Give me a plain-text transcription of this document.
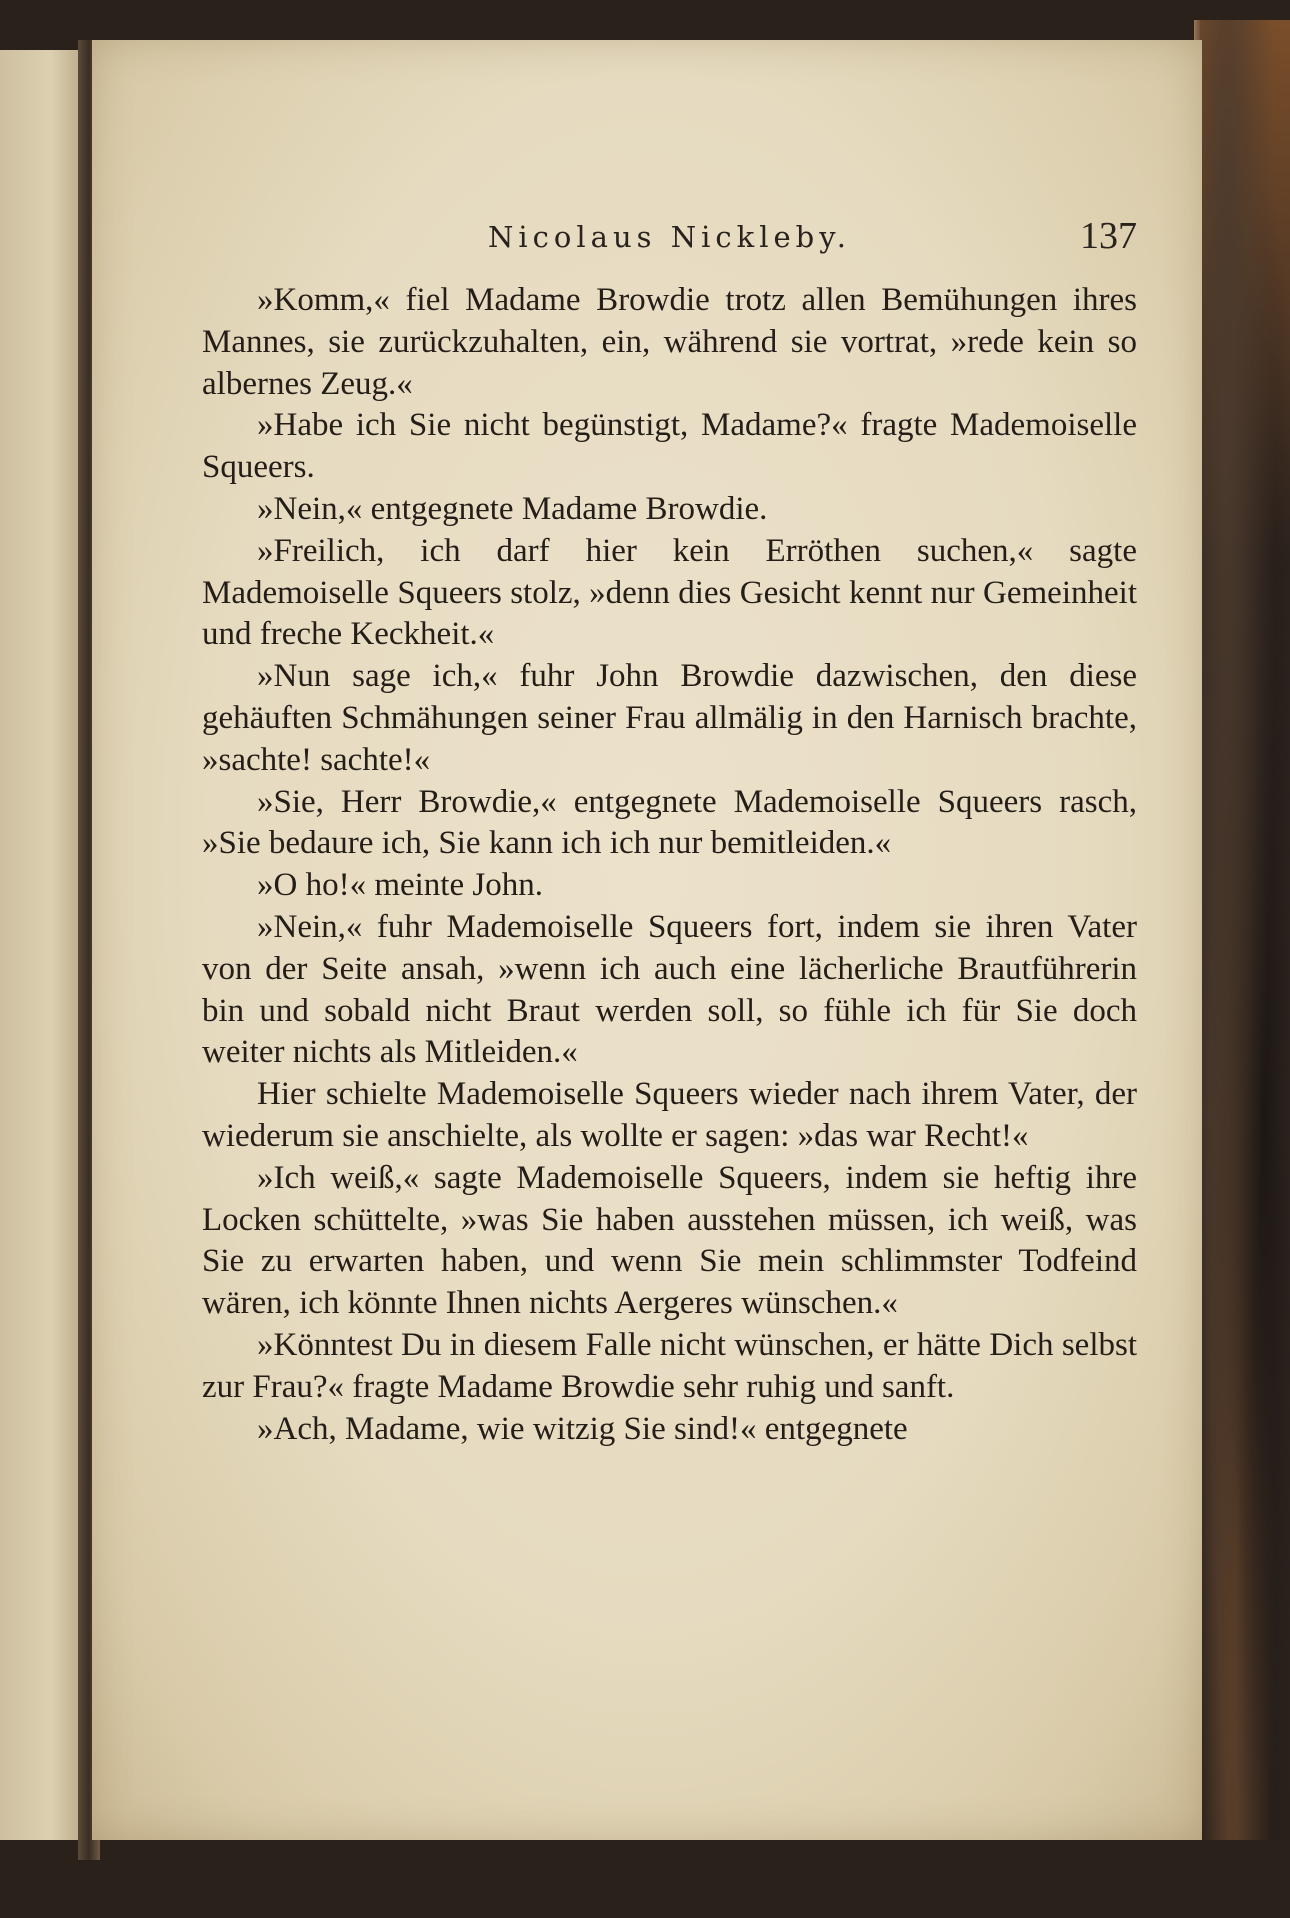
Nicolaus Nickleby.	137

»Komm,« fiel Madame Browdie trotz allen Bemühungen ihres Mannes, sie zurückzuhalten, ein, während sie vortrat, »rede kein so albernes Zeug.«

»Habe ich Sie nicht begünstigt, Madame?« fragte Mademoiselle Squeers.

»Nein,« entgegnete Madame Browdie.

»Freilich, ich darf hier kein Erröthen suchen,« sagte Mademoiselle Squeers stolz, »denn dies Gesicht kennt nur Gemeinheit und freche Keckheit.«

»Nun sage ich,« fuhr John Browdie dazwischen, den diese gehäuften Schmähungen seiner Frau allmälig in den Harnisch brachte, »sachte! sachte!«

»Sie, Herr Browdie,« entgegnete Mademoiselle Squeers rasch, »Sie bedaure ich, Sie kann ich ich nur bemitleiden.«

»O ho!« meinte John.

»Nein,« fuhr Mademoiselle Squeers fort, indem sie ihren Vater von der Seite ansah, »wenn ich auch eine lächerliche Brautführerin bin und sobald nicht Braut werden soll, so fühle ich für Sie doch weiter nichts als Mitleiden.«

Hier schielte Mademoiselle Squeers wieder nach ihrem Vater, der wiederum sie anschielte, als wollte er sagen: »das war Recht!«

»Ich weiß,« sagte Mademoiselle Squeers, indem sie heftig ihre Locken schüttelte, »was Sie haben ausstehen müssen, ich weiß, was Sie zu erwarten haben, und wenn Sie mein schlimmster Todfeind wären, ich könnte Ihnen nichts Aergeres wünschen.«

»Könntest Du in diesem Falle nicht wünschen, er hätte Dich selbst zur Frau?« fragte Madame Browdie sehr ruhig und sanft.

»Ach, Madame, wie witzig Sie sind!« entgegnete
